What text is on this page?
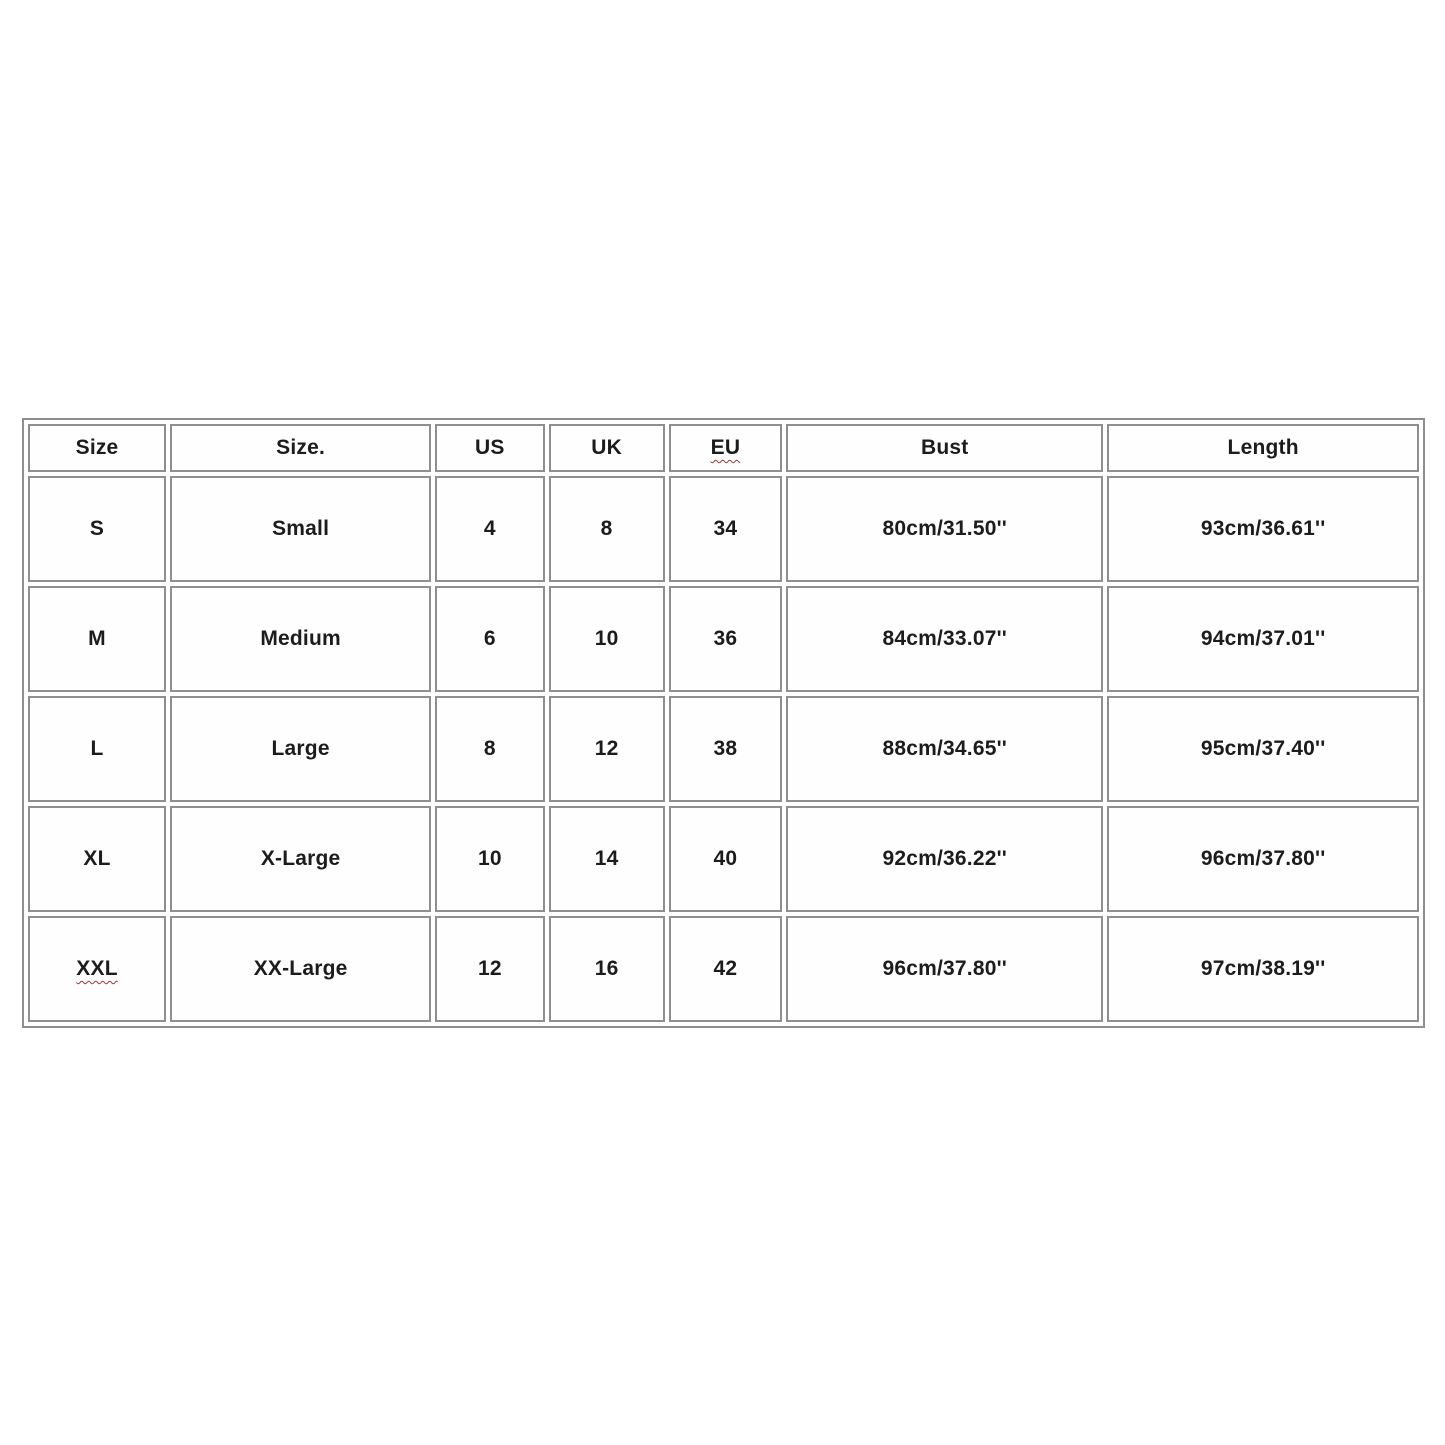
Size	Size.	US	UK	EU	Bust	Length
S	Small	4	8	34	80cm/31.50''	93cm/36.61''
M	Medium	6	10	36	84cm/33.07''	94cm/37.01''
L	Large	8	12	38	88cm/34.65''	95cm/37.40''
XL	X-Large	10	14	40	92cm/36.22''	96cm/37.80''
XXL	XX-Large	12	16	42	96cm/37.80''	97cm/38.19''
